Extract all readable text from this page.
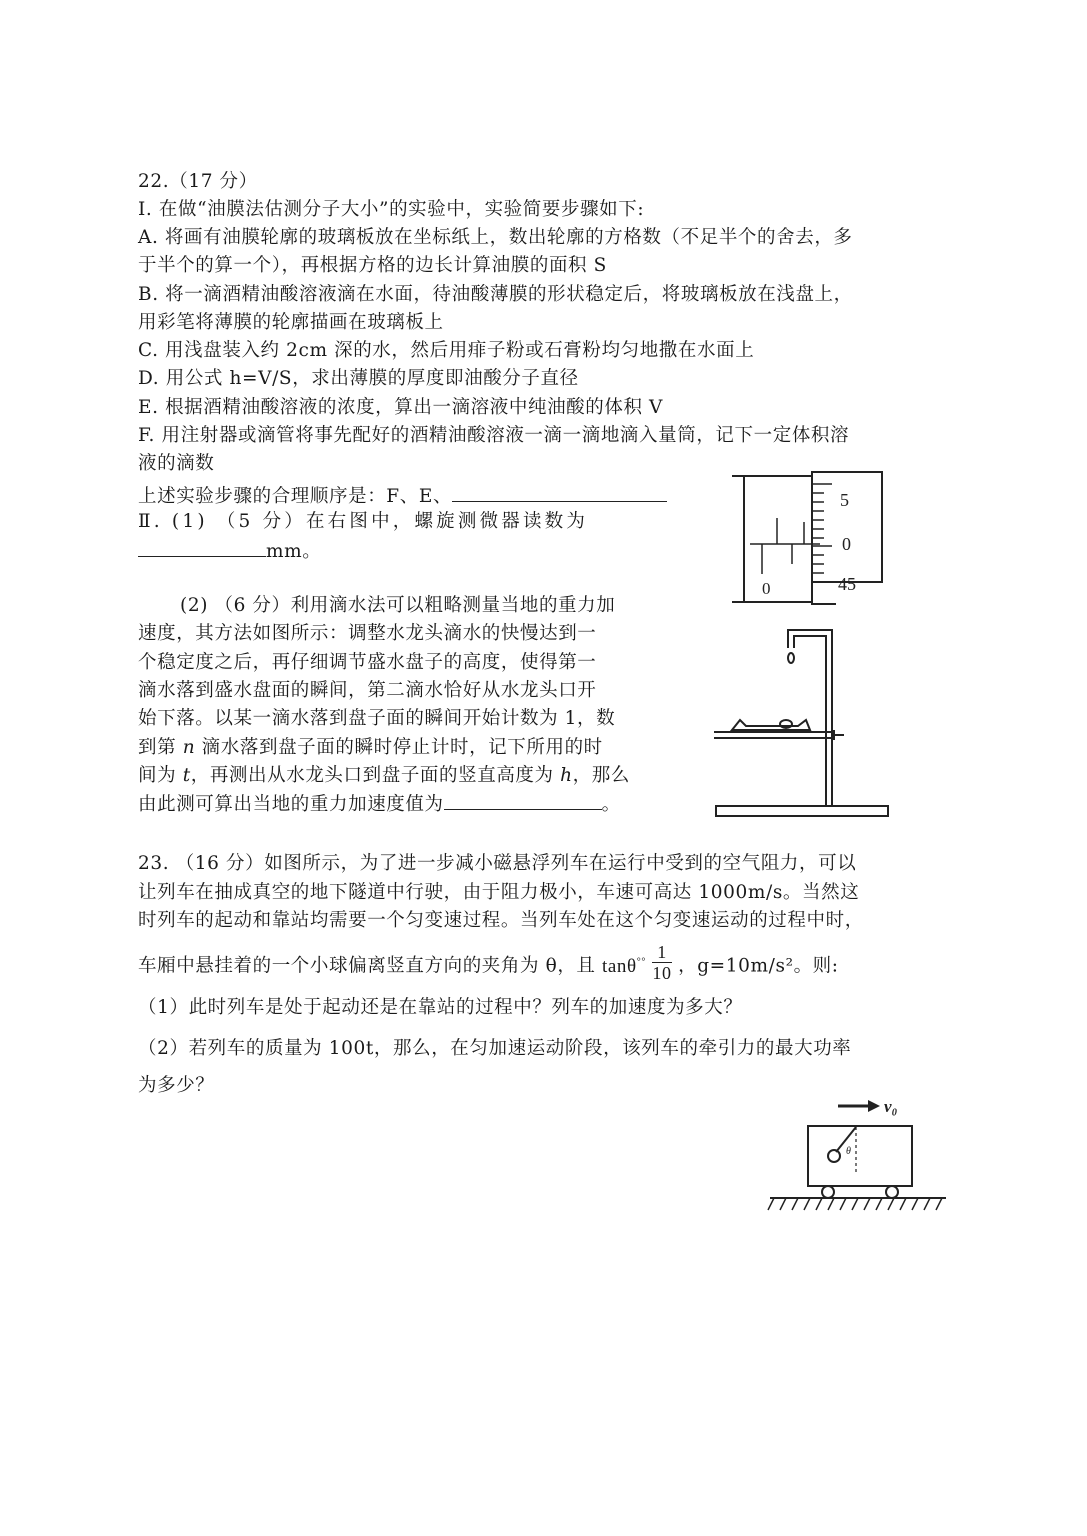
22.（17 分）
Ⅰ. 在做“油膜法估测分子大小”的实验中，实验简要步骤如下:
A. 将画有油膜轮廓的玻璃板放在坐标纸上，数出轮廓的方格数（不足半个的舍去，多
于半个的算一个），再根据方格的边长计算油膜的面积 S
B. 将一滴酒精油酸溶液滴在水面，待油酸薄膜的形状稳定后，将玻璃板放在浅盘上，
用彩笔将薄膜的轮廓描画在玻璃板上
C. 用浅盘装入约 2cm 深的水，然后用痱子粉或石膏粉均匀地撒在水面上
D. 用公式 h=V/S，求出薄膜的厚度即油酸分子直径
E. 根据酒精油酸溶液的浓度，算出一滴溶液中纯油酸的体积 V
F. 用注射器或滴管将事先配好的酒精油酸溶液一滴一滴地滴入量筒，记下一定体积溶
液的滴数
上述实验步骤的合理顺序是：F、E、
Ⅱ. (1) （5 分）在右图中，螺旋测微器读数为
mm。
(2) （6 分）利用滴水法可以粗略测量当地的重力加
速度，其方法如图所示：调整水龙头滴水的快慢达到一
个稳定度之后，再仔细调节盛水盘子的高度，使得第一
滴水落到盛水盘面的瞬间，第二滴水恰好从水龙头口开
始下落。以某一滴水落到盘子面的瞬间开始计数为 1，数
到第 n 滴水落到盘子面的瞬时停止计时，记下所用的时
间为 t，再测出从水龙头口到盘子面的竖直高度为 h，那么
由此测可算出当地的重力加速度值为	。
5
0
45
0
23. （16 分）如图所示，为了进一步减小磁悬浮列车在运行中受到的空气阻力，可以
让列车在抽成真空的地下隧道中行驶，由于阻力极小，车速可高达 1000m/s。当然这
时列车的起动和靠站均需要一个匀变速过程。当列车处在这个匀变速运动的过程中时，
车厢中悬挂着的一个小球偏离竖直方向的夹角为 θ，且 $\tan\theta^{^\circ^\circ} \frac{1}{10}$ ，g=10m/s²。则:
（1）此时列车是处于起动还是在靠站的过程中？列车的加速度为多大？
（2）若列车的质量为 100t，那么，在匀加速运动阶段，该列车的牵引力的最大功率
为多少？
v₀
θ
